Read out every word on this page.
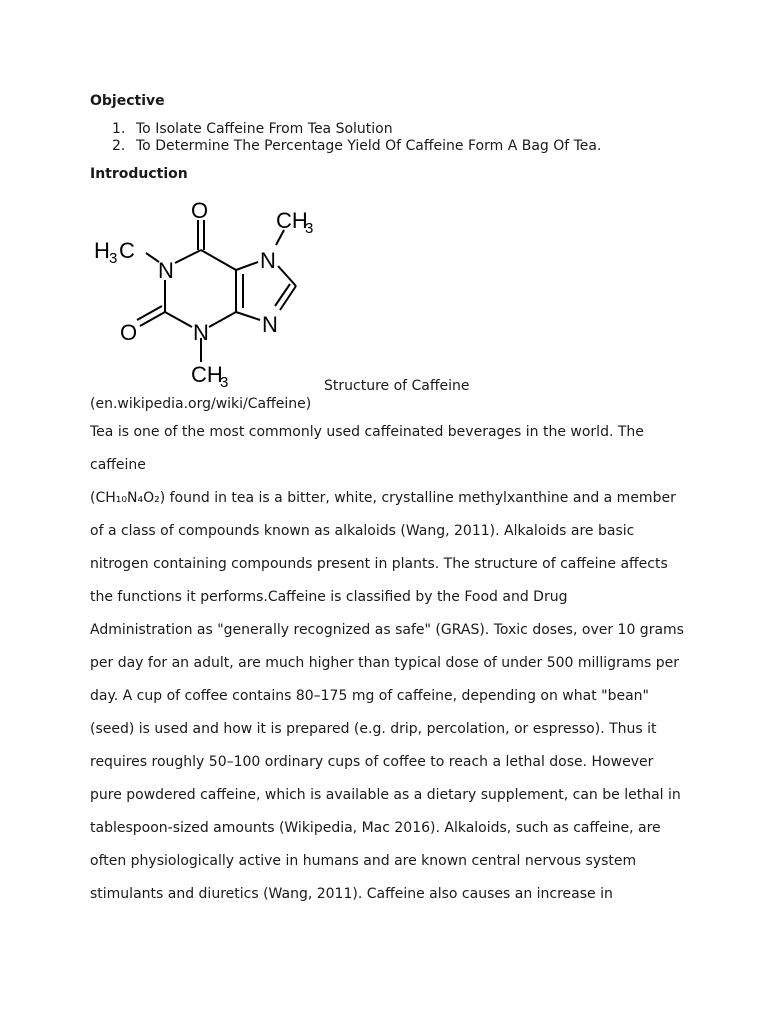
Objective
1. To Isolate Caffeine From Tea Solution
2. To Determine The Percentage Yield Of Caffeine Form A Bag Of Tea.
Introduction
O	CH
3
H 3 C
N	N
N
N
O
CH
3	Structure of Caffeine
(en.wikipedia.org/wiki/Caffeine)
Tea is one of the most commonly used caffeinated beverages in the world. The
caffeine
(CH₁₀N₄O₂) found in tea is a bitter, white, crystalline methylxanthine and a member
of a class of compounds known as alkaloids (Wang, 2011). Alkaloids are basic
nitrogen containing compounds present in plants. The structure of caffeine affects
the functions it performs.Caffeine is classified by the Food and Drug
Administration as "generally recognized as safe" (GRAS). Toxic doses, over 10 grams
per day for an adult, are much higher than typical dose of under 500 milligrams per
day. A cup of coffee contains 80–175 mg of caffeine, depending on what "bean"
(seed) is used and how it is prepared (e.g. drip, percolation, or espresso). Thus it
requires roughly 50–100 ordinary cups of coffee to reach a lethal dose. However
pure powdered caffeine, which is available as a dietary supplement, can be lethal in
tablespoon-sized amounts (Wikipedia, Mac 2016). Alkaloids, such as caffeine, are
often physiologically active in humans and are known central nervous system
stimulants and diuretics (Wang, 2011). Caffeine also causes an increase in
